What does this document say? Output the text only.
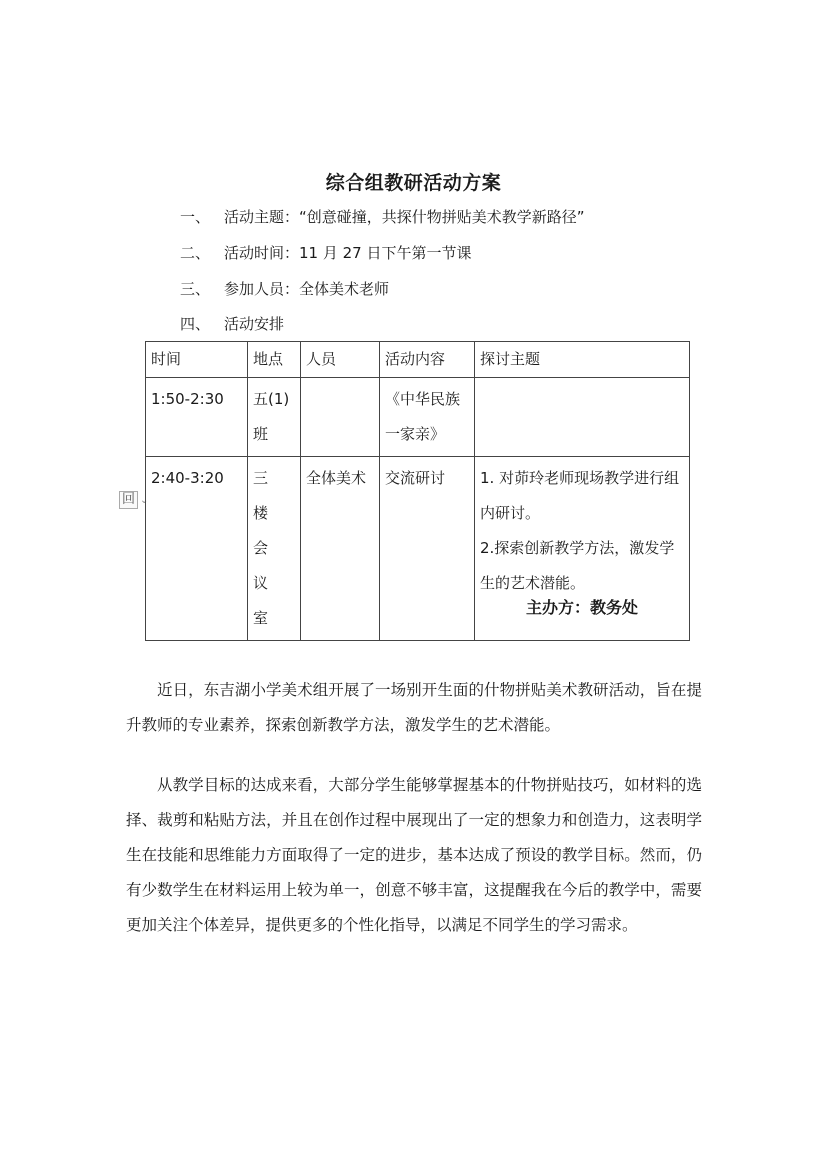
综合组教研活动方案
一、 活动主题：“创意碰撞，共探什物拼贴美术教学新路径”
二、 活动时间：11 月 27 日下午第一节课
三、 参加人员：全体美术老师
四、 活动安排
回 ⌄
时间	地点	人员	活动内容	探讨主题
1:50-2:30	五(1)班		《中华民族一家亲》	
2:40-3:20	三楼会议室	全体美术	交流研讨	1. 对茆玲老师现场教学进行组内研讨。
2.探索创新教学方法，激发学生的艺术潜能。
主办方：教务处
近日，东吉湖小学美术组开展了一场别开生面的什物拼贴美术教研活动，旨在提升教师的专业素养，探索创新教学方法，激发学生的艺术潜能。
从教学目标的达成来看，大部分学生能够掌握基本的什物拼贴技巧，如材料的选择、裁剪和粘贴方法，并且在创作过程中展现出了一定的想象力和创造力，这表明学生在技能和思维能力方面取得了一定的进步，基本达成了预设的教学目标。然而，仍有少数学生在材料运用上较为单一，创意不够丰富，这提醒我在今后的教学中，需要更加关注个体差异，提供更多的个性化指导，以满足不同学生的学习需求。
